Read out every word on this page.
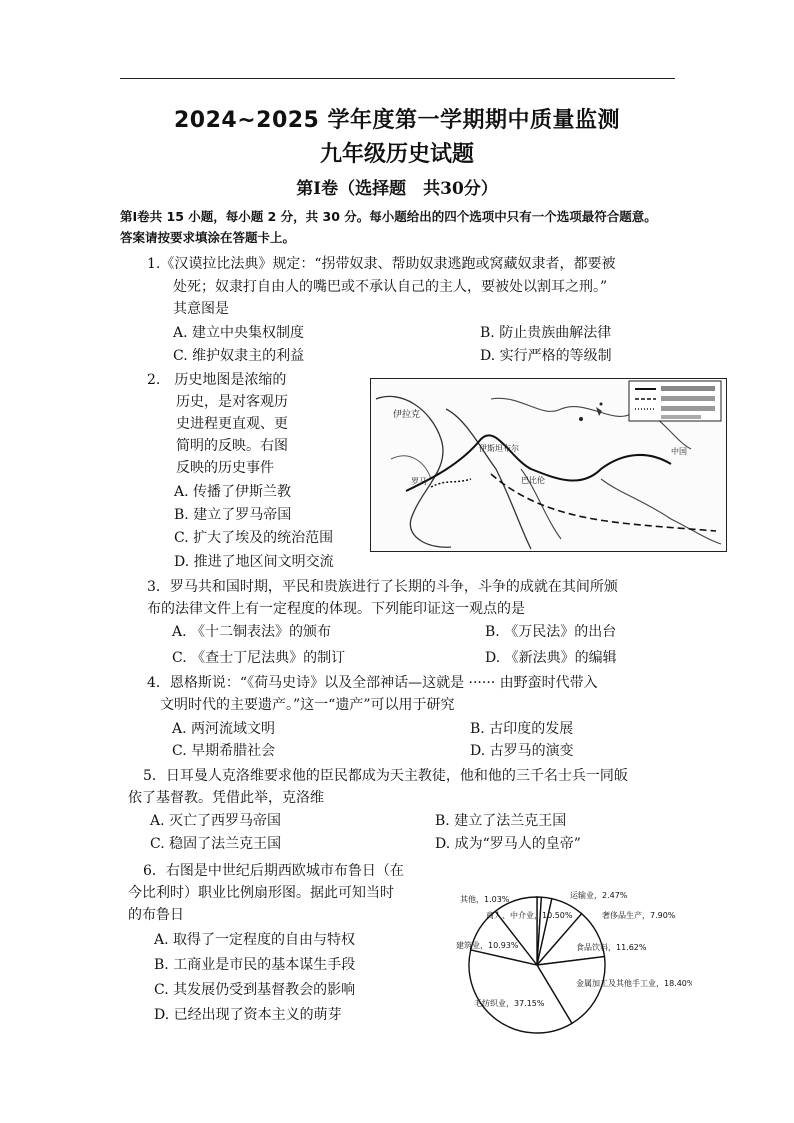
2024~2025 学年度第一学期期中质量监测
九年级历史试题
第Ⅰ卷（选择题　共30分）
第Ⅰ卷共 15 小题，每小题 2 分，共 30 分。每小题给出的四个选项中只有一个选项最符合题意。
答案请按要求填涂在答题卡上。
1.《汉谟拉比法典》规定：“拐带奴隶、帮助奴隶逃跑或窝藏奴隶者，都要被
处死；奴隶打自由人的嘴巴或不承认自己的主人，要被处以割耳之刑。”
其意图是
A. 建立中央集权制度	B. 防止贵族曲解法律
C. 维护奴隶主的利益	D. 实行严格的等级制
2.　历史地图是浓缩的
历史，是对客观历
史进程更直观、更
简明的反映。右图
反映的历史事件
A. 传播了伊斯兰教
B. 建立了罗马帝国
C. 扩大了埃及的统治范围
D. 推进了地区间文明交流
伊拉克
伊斯坦布尔
罗马	巴比伦
中国
3．罗马共和国时期，平民和贵族进行了长期的斗争，斗争的成就在其间所颁
布的法律文件上有一定程度的体现。下列能印证这一观点的是
A. 《十二铜表法》的颁布	B. 《万民法》的出台
C. 《查士丁尼法典》的制订	D. 《新法典》的编辑
4．恩格斯说：“《荷马史诗》以及全部神话—这就是 ······ 由野蛮时代带入
文明时代的主要遗产。”这一“遗产”可以用于研究
A. 两河流域文明	B. 古印度的发展
C. 早期希腊社会	D. 古罗马的演变
5．日耳曼人克洛维要求他的臣民都成为天主教徒，他和他的三千名士兵一同皈
依了基督教。凭借此举，克洛维
A. 灭亡了西罗马帝国	B. 建立了法兰克王国
C. 稳固了法兰克王国	D. 成为“罗马人的皇帝”
6．右图是中世纪后期西欧城市布鲁日（在
今比利时）职业比例扇形图。据此可知当时
的布鲁日
A. 取得了一定程度的自由与特权
B. 工商业是市民的基本谋生手段
C. 其发展仍受到基督教会的影响
D. 已经出现了资本主义的萌芽
其他，1.03%	运输业，2.47%
奢侈品生产，7.90%
食品饮料，11.62%
金属加工及其他手工业，18.40%
毛纺织业，37.15%
建筑业，10.93%
商人、中介业，10.50%
